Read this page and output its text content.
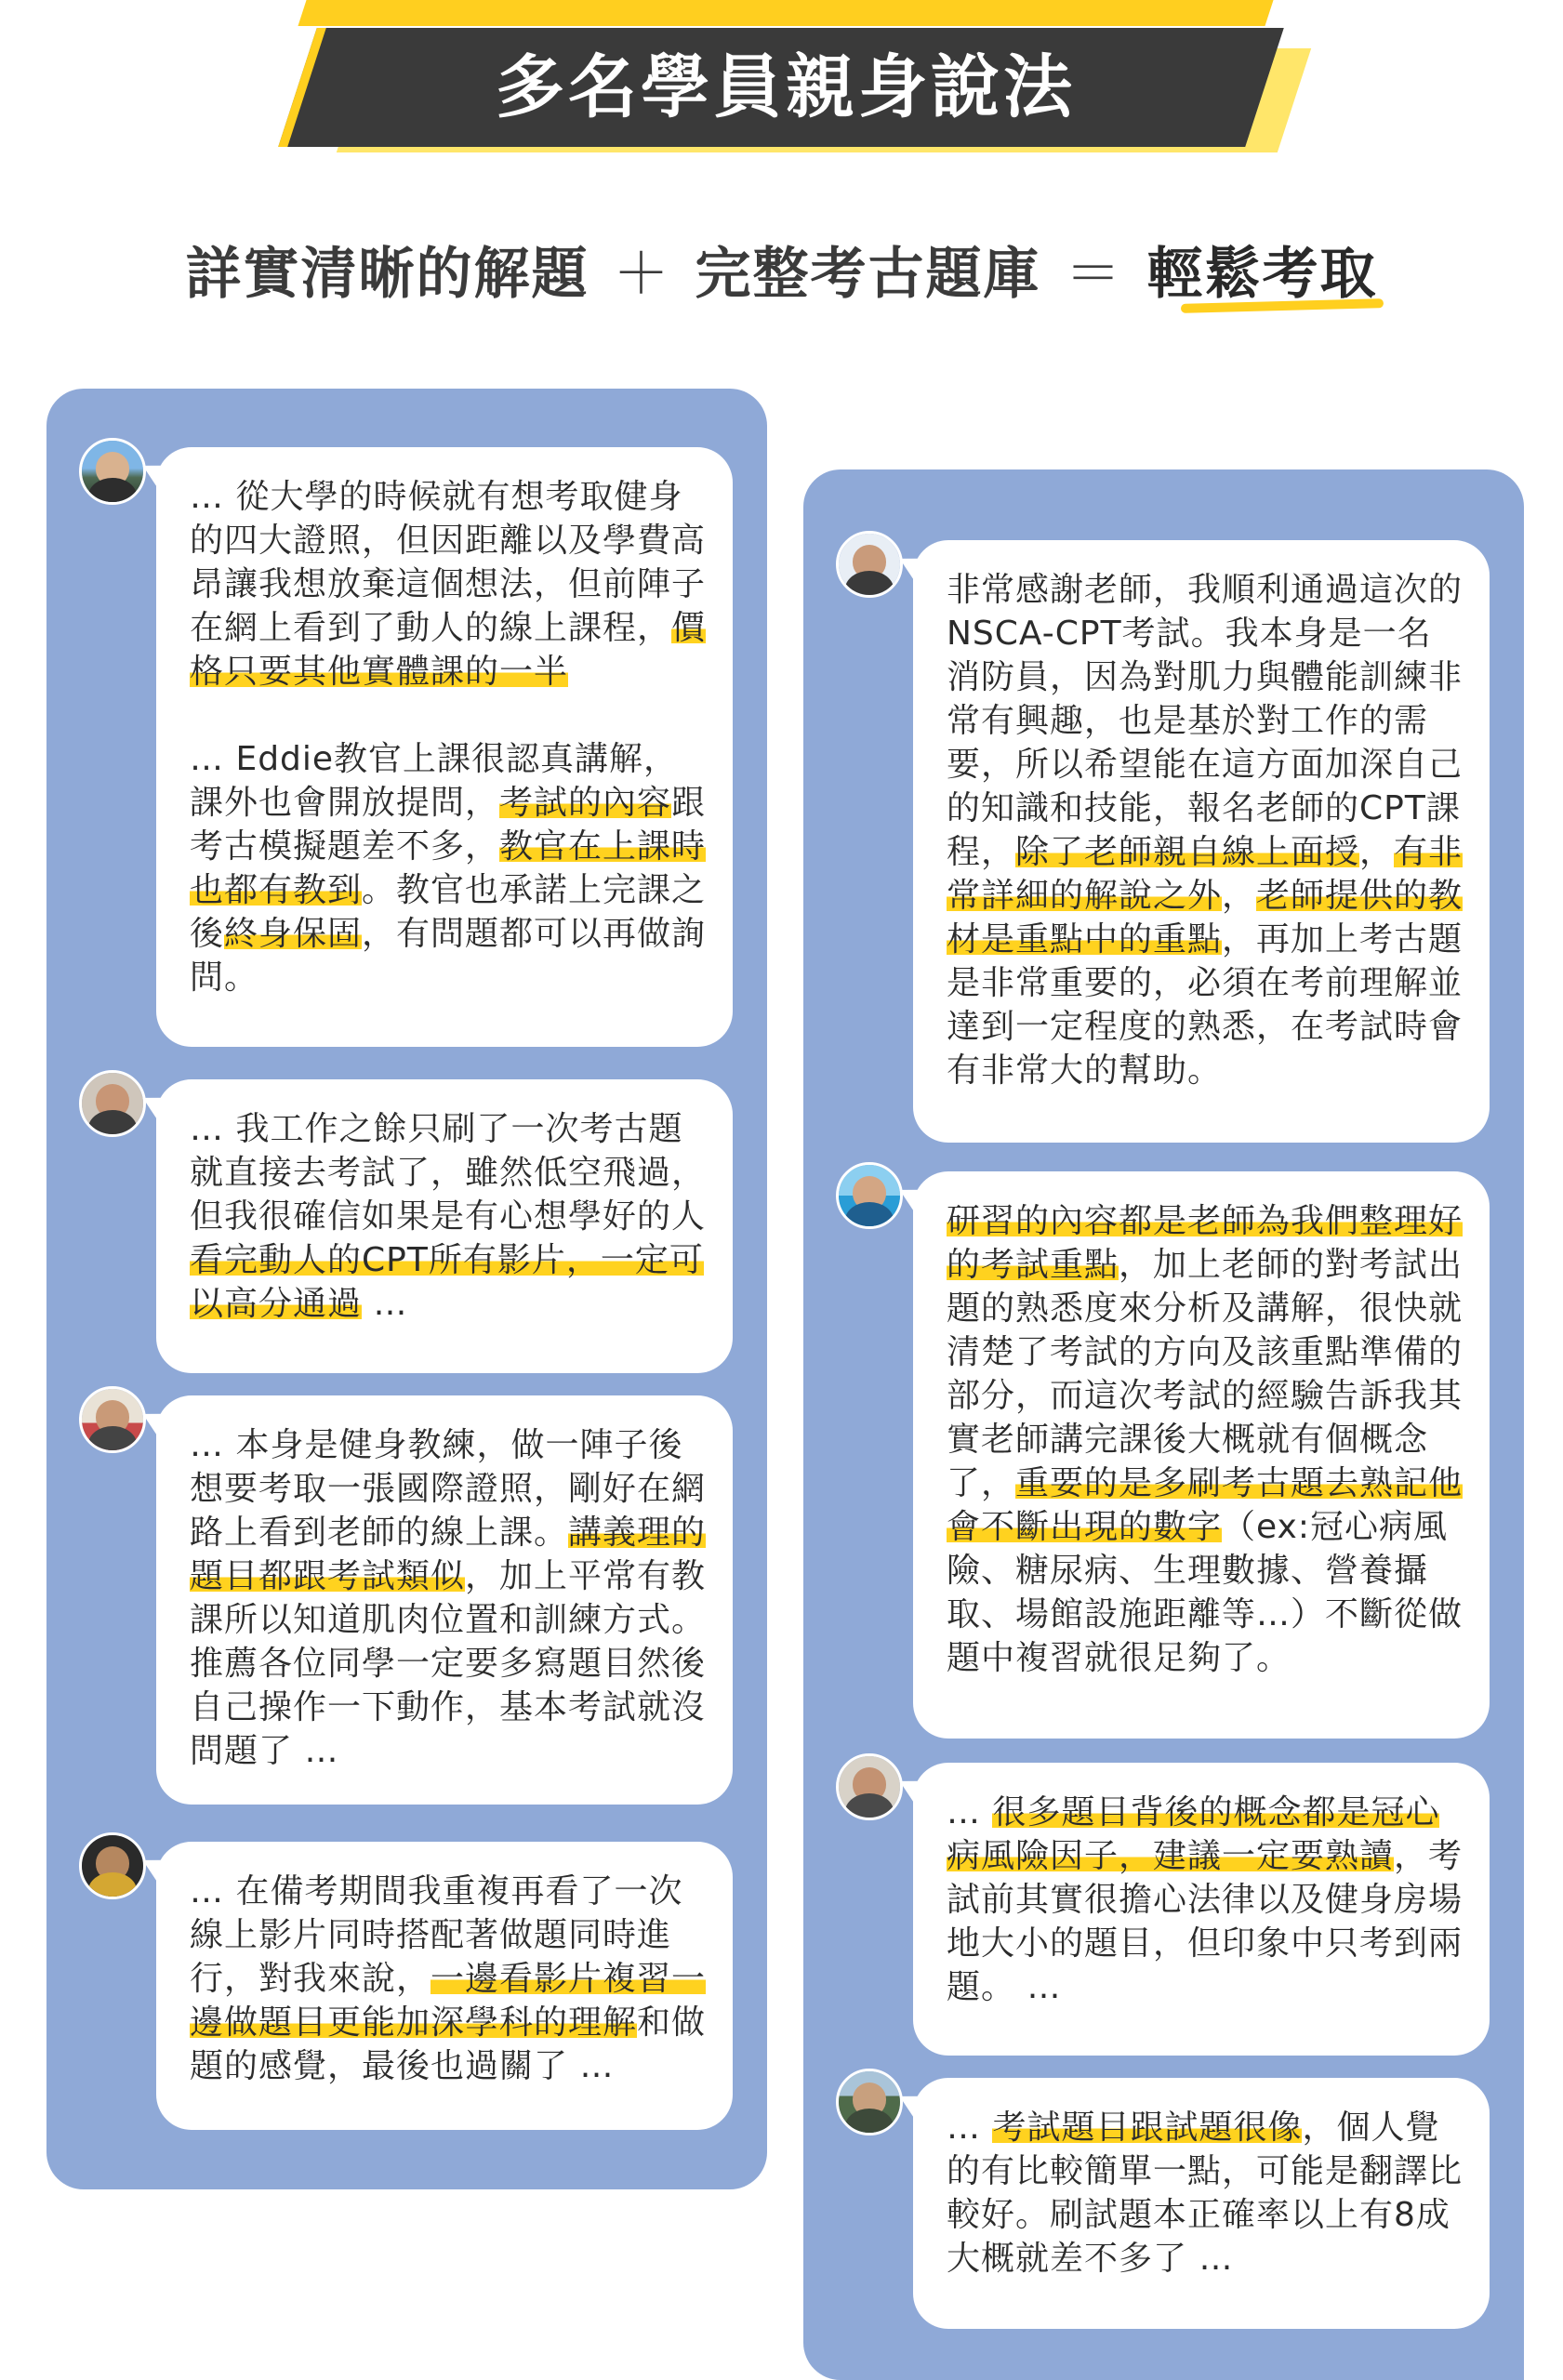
多名學員親身說法
詳實清晰的解題 ＋ 完整考古題庫 ＝ 輕鬆考取

… 從大學的時候就有想考取健身的四大證照，但因距離以及學費高昂讓我想放棄這個想法，但前陣子在網上看到了動人的線上課程，價格只要其他實體課的一半

… Eddie教官上課很認真講解，課外也會開放提問，考試的內容跟考古模擬題差不多，教官在上課時也都有教到。教官也承諾上完課之後終身保固，有問題都可以再做詢問。

… 我工作之餘只刷了一次考古題就直接去考試了，雖然低空飛過，但我很確信如果是有心想學好的人看完動人的CPT所有影片，一定可以高分通過 …

… 本身是健身教練，做一陣子後想要考取一張國際證照，剛好在網路上看到老師的線上課。講義理的題目都跟考試類似，加上平常有教課所以知道肌肉位置和訓練方式。推薦各位同學一定要多寫題目然後自己操作一下動作，基本考試就沒問題了 …

… 在備考期間我重複再看了一次線上影片同時搭配著做題同時進行，對我來說，一邊看影片複習一邊做題目更能加深學科的理解和做題的感覺，最後也過關了 …

非常感謝老師，我順利通過這次的NSCA-CPT考試。我本身是一名消防員，因為對肌力與體能訓練非常有興趣，也是基於對工作的需要，所以希望能在這方面加深自己的知識和技能，報名老師的CPT課程，除了老師親自線上面授，有非常詳細的解說之外，老師提供的教材是重點中的重點，再加上考古題是非常重要的，必須在考前理解並達到一定程度的熟悉，在考試時會有非常大的幫助。

研習的內容都是老師為我們整理好的考試重點，加上老師的對考試出題的熟悉度來分析及講解，很快就清楚了考試的方向及該重點準備的部分，而這次考試的經驗告訴我其實老師講完課後大概就有個概念了，重要的是多刷考古題去熟記他會不斷出現的數字（ex:冠心病風險、糖尿病、生理數據、營養攝取、場館設施距離等…）不斷從做題中複習就很足夠了。

… 很多題目背後的概念都是冠心病風險因子，建議一定要熟讀，考試前其實很擔心法律以及健身房場地大小的題目，但印象中只考到兩題。 …

… 考試題目跟試題很像，個人覺的有比較簡單一點，可能是翻譯比較好。刷試題本正確率以上有8成大概就差不多了 …
